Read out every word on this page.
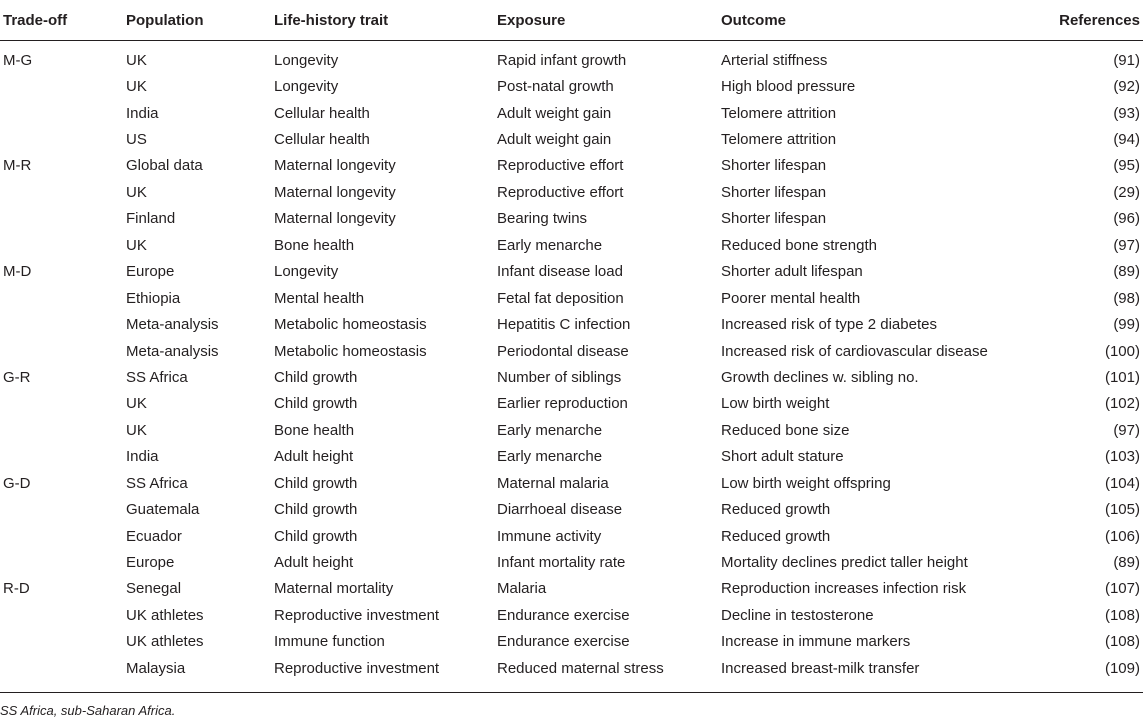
Trade-off	Population	Life-history trait	Exposure	Outcome	References
M-G	UK	Longevity	Rapid infant growth	Arterial stiffness	(91)
	UK	Longevity	Post-natal growth	High blood pressure	(92)
	India	Cellular health	Adult weight gain	Telomere attrition	(93)
	US	Cellular health	Adult weight gain	Telomere attrition	(94)
M-R	Global data	Maternal longevity	Reproductive effort	Shorter lifespan	(95)
	UK	Maternal longevity	Reproductive effort	Shorter lifespan	(29)
	Finland	Maternal longevity	Bearing twins	Shorter lifespan	(96)
	UK	Bone health	Early menarche	Reduced bone strength	(97)
M-D	Europe	Longevity	Infant disease load	Shorter adult lifespan	(89)
	Ethiopia	Mental health	Fetal fat deposition	Poorer mental health	(98)
	Meta-analysis	Metabolic homeostasis	Hepatitis C infection	Increased risk of type 2 diabetes	(99)
	Meta-analysis	Metabolic homeostasis	Periodontal disease	Increased risk of cardiovascular disease	(100)
G-R	SS Africa	Child growth	Number of siblings	Growth declines w. sibling no.	(101)
	UK	Child growth	Earlier reproduction	Low birth weight	(102)
	UK	Bone health	Early menarche	Reduced bone size	(97)
	India	Adult height	Early menarche	Short adult stature	(103)
G-D	SS Africa	Child growth	Maternal malaria	Low birth weight offspring	(104)
	Guatemala	Child growth	Diarrhoeal disease	Reduced growth	(105)
	Ecuador	Child growth	Immune activity	Reduced growth	(106)
	Europe	Adult height	Infant mortality rate	Mortality declines predict taller height	(89)
R-D	Senegal	Maternal mortality	Malaria	Reproduction increases infection risk	(107)
	UK athletes	Reproductive investment	Endurance exercise	Decline in testosterone	(108)
	UK athletes	Immune function	Endurance exercise	Increase in immune markers	(108)
	Malaysia	Reproductive investment	Reduced maternal stress	Increased breast-milk transfer	(109)
SS Africa, sub-Saharan Africa.
